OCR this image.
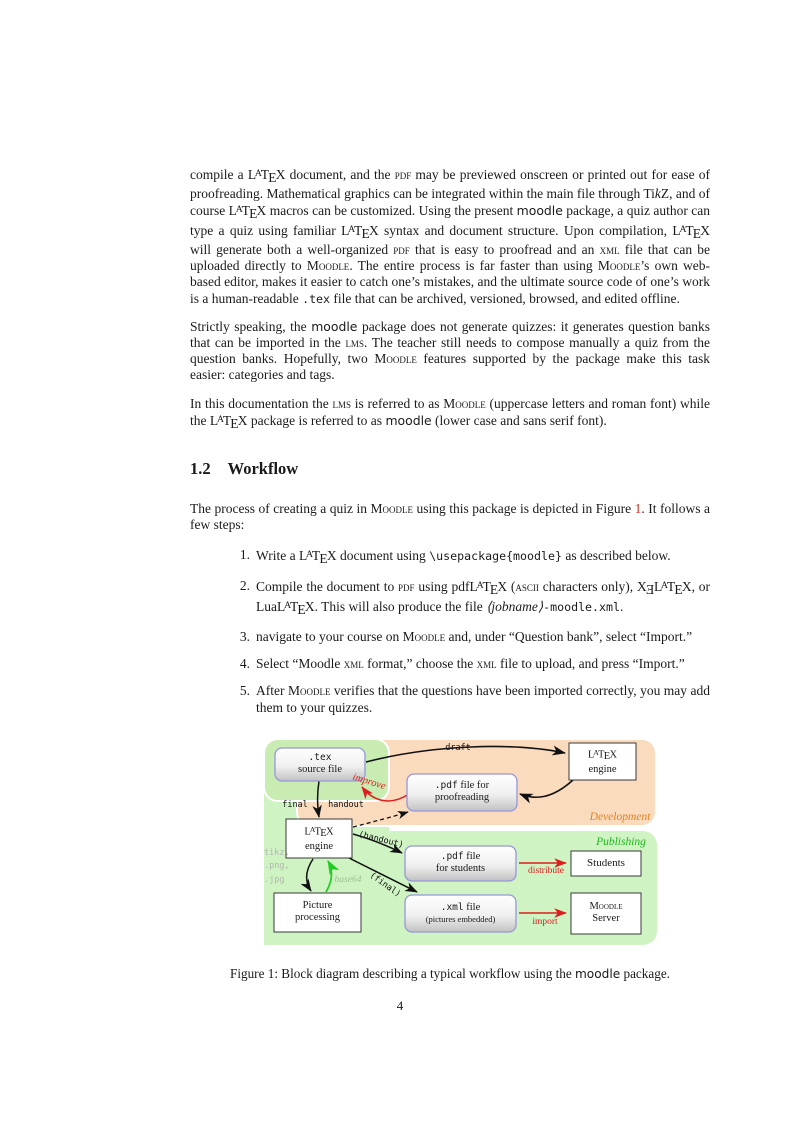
compile a $L^ATEX$ document, and the pdf may be previewed onscreen or printed out for ease of proofreading. Mathematical graphics can be integrated within the main file through TikZ, and of course $L^ATEX$ macros can be customized. Using the present moodle package, a quiz author can type a quiz using familiar $L^ATEX$ syntax and document structure. Upon compilation, $L^ATEX$ will generate both a well-organized pdf that is easy to proofread and an xml file that can be uploaded directly to Moodle. The entire process is far faster than using Moodle’s own web-based editor, makes it easier to catch one’s mistakes, and the ultimate source code of one’s work is a human-readable .tex file that can be archived, versioned, browsed, and edited offline.

Strictly speaking, the moodle package does not generate quizzes: it generates question banks that can be imported in the lms. The teacher still needs to compose manually a quiz from the question banks. Hopefully, two Moodle features supported by the package make this task easier: categories and tags.

In this documentation the lms is referred to as Moodle (uppercase letters and roman font) while the $L^ATEX$ package is referred to as moodle (lower case and sans serif font).

1.2 Workflow

The process of creating a quiz in Moodle using this package is depicted in Figure 1. It follows a few steps:

1. Write a $L^ATEX$ document using \usepackage{moodle} as described below.
2. Compile the document to pdf using pdfL$^A$TEX (ascii characters only), $XEL^ATEX$, or LuaL$^A$TEX. This will also produce the file ⟨jobname⟩-moodle.xml.
3. navigate to your course on Moodle and, under “Question bank”, select “Import.”
4. Select “Moodle xml format,” choose the xml file to upload, and press “Import.”
5. After Moodle verifies that the questions have been imported correctly, you may add them to your quizzes.
.tex
source file
$L^ATEX$
engine
.pdf file for
proofreading
$L^ATEX$
engine
.pdf file
for students	Students
.xml file
(pictures embedded)
Moodle
Server
Picture
processing
draft
improve
final handout
(handout)
(final)	distribute
import
base64
tikz,
.png,
.jpg
Development
Publishing
Figure 1: Block diagram describing a typical workflow using the moodle package.
4
